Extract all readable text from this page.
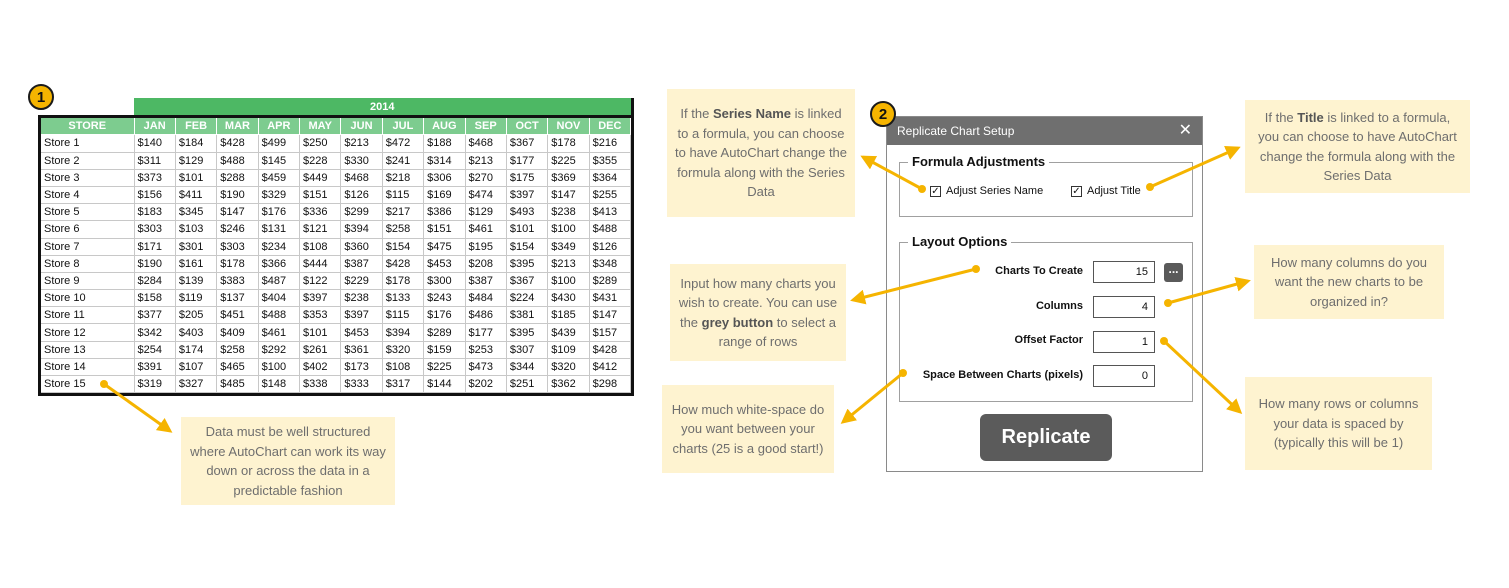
1
	2014											
STORE	JAN	FEB	MAR	APR	MAY	JUN	JUL	AUG	SEP	OCT	NOV	DEC
Store 1	$140	$184	$428	$499	$250	$213	$472	$188	$468	$367	$178	$216
Store 2	$311	$129	$488	$145	$228	$330	$241	$314	$213	$177	$225	$355
Store 3	$373	$101	$288	$459	$449	$468	$218	$306	$270	$175	$369	$364
Store 4	$156	$411	$190	$329	$151	$126	$115	$169	$474	$397	$147	$255
Store 5	$183	$345	$147	$176	$336	$299	$217	$386	$129	$493	$238	$413
Store 6	$303	$103	$246	$131	$121	$394	$258	$151	$461	$101	$100	$488
Store 7	$171	$301	$303	$234	$108	$360	$154	$475	$195	$154	$349	$126
Store 8	$190	$161	$178	$366	$444	$387	$428	$453	$208	$395	$213	$348
Store 9	$284	$139	$383	$487	$122	$229	$178	$300	$387	$367	$100	$289
Store 10	$158	$119	$137	$404	$397	$238	$133	$243	$484	$224	$430	$431
Store 11	$377	$205	$451	$488	$353	$397	$115	$176	$486	$381	$185	$147
Store 12	$342	$403	$409	$461	$101	$453	$394	$289	$177	$395	$439	$157
Store 13	$254	$174	$258	$292	$261	$361	$320	$159	$253	$307	$109	$428
Store 14	$391	$107	$465	$100	$402	$173	$108	$225	$473	$344	$320	$412
Store 15	$319	$327	$485	$148	$338	$333	$317	$144	$202	$251	$362	$298
2
Replicate Chart Setup	✕
Formula Adjustments
✓ Adjust Series Name	✓ Adjust Title
Layout Options
Charts To Create	15	...
Columns	4
Offset Factor	1
Space Between Charts (pixels)	0
Replicate
If the Series Name is linked to a formula, you can choose to have AutoChart change the formula along with the Series Data
If the Title is linked to a formula, you can choose to have AutoChart change the formula along with the Series Data
Input how many charts you wish to create. You can use the grey button to select a range of rows
How many columns do you want the new charts to be organized in?
How much white-space do you want between your charts (25 is a good start!)
How many rows or columns your data is spaced by (typically this will be 1)
Data must be well structured where AutoChart can work its way down or across the data in a predictable fashion
